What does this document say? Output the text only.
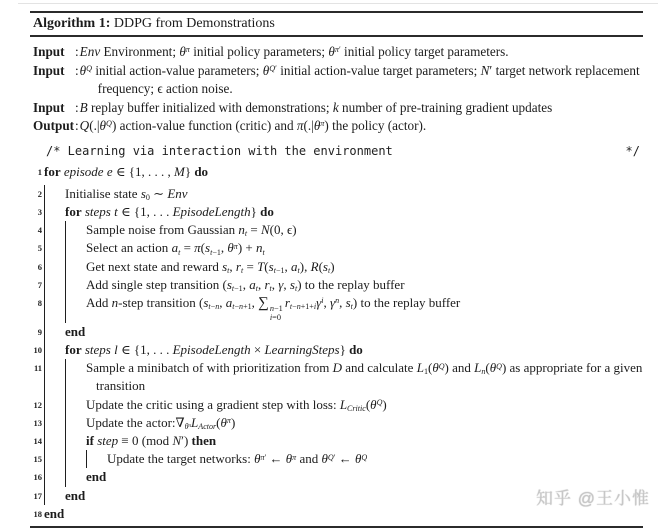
Algorithm 1: DDPG from Demonstrations
Input : Env Environment; $\theta^\pi$ initial policy parameters; $\theta^{\pi'}$ initial policy target parameters.
Input : $\theta^Q$ initial action-value parameters; $\theta^{Q'}$ initial action-value target parameters; N′ target network replacement frequency; ϵ action noise.
Input : B replay buffer initialized with demonstrations; k number of pre-training gradient updates
Output : $Q(.|\theta^Q)$ action-value function (critic) and $\pi(.|\theta^\pi)$ the policy (actor).
/* Learning via interaction with the environment	*/
1 for episode e ∈ {1, . . . , M} do
2 Initialise state $s_0$ ∼ Env
3 for steps t ∈ {1, . . . EpisodeLength} do
4	Sample noise from Gaussian $n_t = N(0$, ϵ)
5	Select an action $a_t = \pi(s_{t-1}$, $\theta^\pi) + n_t$
6	Get next state and reward $s_t$, $r_t = T(s_{t-1}$, $a_t$), $R(s_t)$
7	Add single step transition ($s_{t-1}$, $a_t$, $r_t$, γ, $s_t$) to the replay buffer
8	Add n-step transition ($s_{t-n}$, $a_{t-n+1}$, ∑ n−1
i=0
$r_{t-n+1+i}\gamma^i$, $\gamma^n$, $s_t$) to the replay buffer
9 end
10 for steps l ∈ {1, . . . EpisodeLength × LearningSteps} do
11	Sample a minibatch of with prioritization from D and calculate $L_1(\theta^Q)$ and $L_n(\theta^Q)$ as appropriate for a given transition
12	Update the critic using a gradient step with loss: $L_{Critic}(\theta^Q)$
13	Update the $actor:\nabla_{\theta^\pi}L_{Actor}(\theta^\pi)$
14	if step ≡ 0 (mod N′) then
15	Update the target networks: $\theta^{\pi'}$ ← $\theta^\pi$ and $\theta^{Q'}$ ← $\theta^Q$
16	end
17 end
18 end
知乎 @王小惟
